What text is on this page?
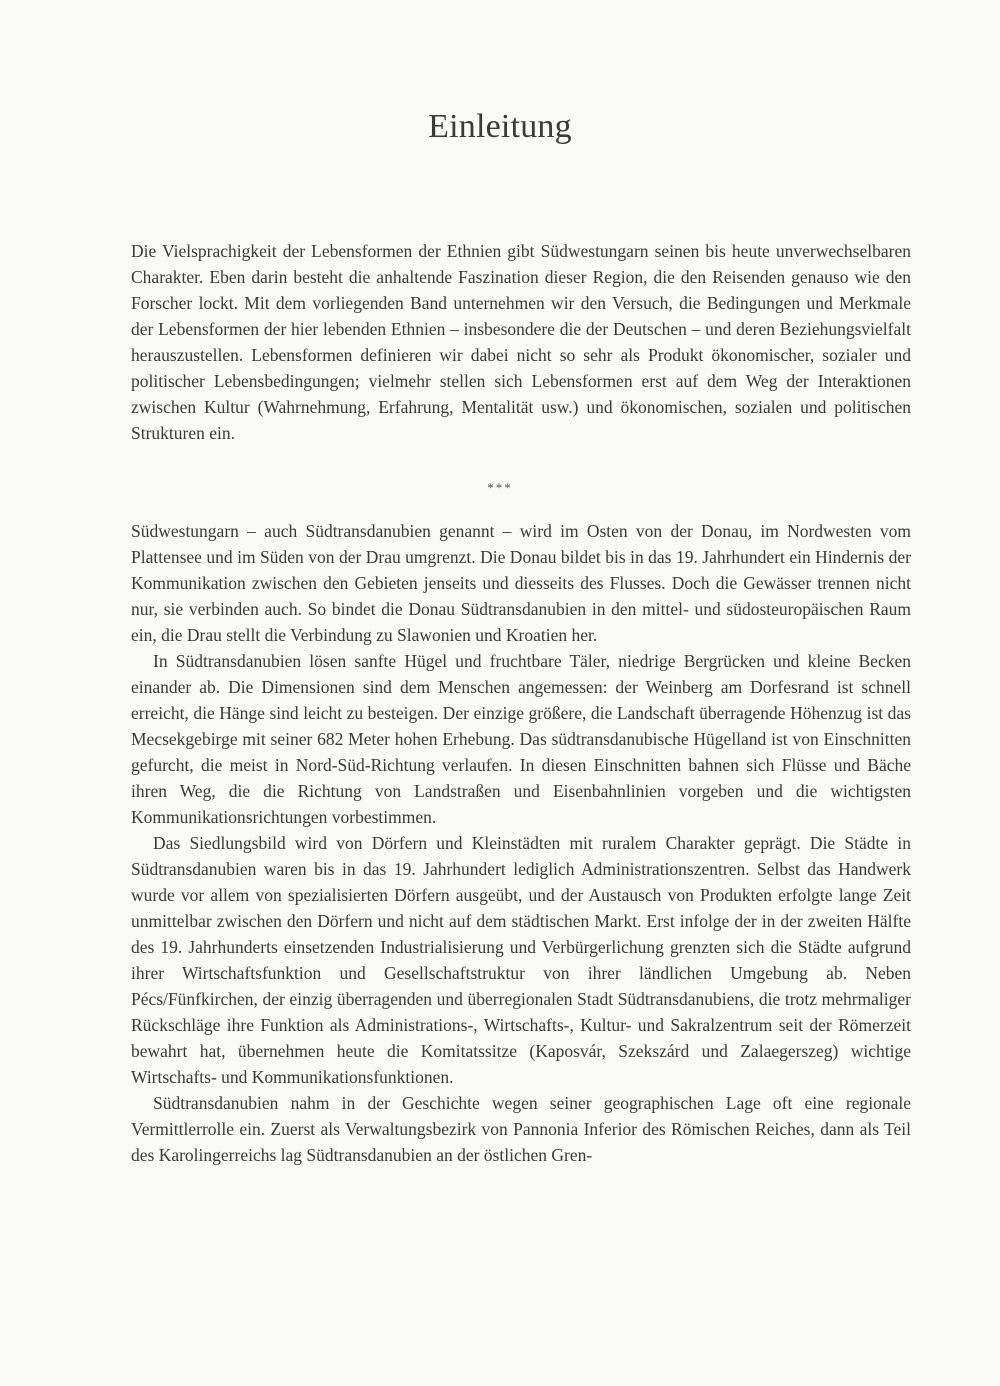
Einleitung

Die Vielsprachigkeit der Lebensformen der Ethnien gibt Südwestungarn seinen bis heute unverwechselbaren Charakter. Eben darin besteht die anhaltende Faszination dieser Region, die den Reisenden genauso wie den Forscher lockt. Mit dem vorliegenden Band unternehmen wir den Versuch, die Bedingungen und Merkmale der Lebensformen der hier lebenden Ethnien – insbesondere die der Deutschen – und deren Beziehungsvielfalt herauszustellen. Lebensformen definieren wir dabei nicht so sehr als Produkt ökonomischer, sozialer und politischer Lebensbedingungen; vielmehr stellen sich Lebensformen erst auf dem Weg der Interaktionen zwischen Kultur (Wahrnehmung, Erfahrung, Mentalität usw.) und ökonomischen, sozialen und politischen Strukturen ein.

***

Südwestungarn – auch Südtransdanubien genannt – wird im Osten von der Donau, im Nordwesten vom Plattensee und im Süden von der Drau umgrenzt. Die Donau bildet bis in das 19. Jahrhundert ein Hindernis der Kommunikation zwischen den Gebieten jenseits und diesseits des Flusses. Doch die Gewässer trennen nicht nur, sie verbinden auch. So bindet die Donau Südtransdanubien in den mittel- und südosteuropäischen Raum ein, die Drau stellt die Verbindung zu Slawonien und Kroatien her.

In Südtransdanubien lösen sanfte Hügel und fruchtbare Täler, niedrige Bergrücken und kleine Becken einander ab. Die Dimensionen sind dem Menschen angemessen: der Weinberg am Dorfesrand ist schnell erreicht, die Hänge sind leicht zu besteigen. Der einzige größere, die Landschaft überragende Höhenzug ist das Mecsekgebirge mit seiner 682 Meter hohen Erhebung. Das südtransdanubische Hügelland ist von Einschnitten gefurcht, die meist in Nord-Süd-Richtung verlaufen. In diesen Einschnitten bahnen sich Flüsse und Bäche ihren Weg, die die Richtung von Landstraßen und Eisenbahnlinien vorgeben und die wichtigsten Kommunikationsrichtungen vorbestimmen.

Das Siedlungsbild wird von Dörfern und Kleinstädten mit ruralem Charakter geprägt. Die Städte in Südtransdanubien waren bis in das 19. Jahrhundert lediglich Administrationszentren. Selbst das Handwerk wurde vor allem von spezialisierten Dörfern ausgeübt, und der Austausch von Produkten erfolgte lange Zeit unmittelbar zwischen den Dörfern und nicht auf dem städtischen Markt. Erst infolge der in der zweiten Hälfte des 19. Jahrhunderts einsetzenden Industrialisierung und Verbürgerlichung grenzten sich die Städte aufgrund ihrer Wirtschaftsfunktion und Gesellschaftstruktur von ihrer ländlichen Umgebung ab. Neben Pécs/Fünfkirchen, der einzig überragenden und überregionalen Stadt Südtransdanubiens, die trotz mehrmaliger Rückschläge ihre Funktion als Administrations-, Wirtschafts-, Kultur- und Sakralzentrum seit der Römerzeit bewahrt hat, übernehmen heute die Komitatssitze (Kaposvár, Szekszárd und Zalaegerszeg) wichtige Wirtschafts- und Kommunikationsfunktionen.

Südtransdanubien nahm in der Geschichte wegen seiner geographischen Lage oft eine regionale Vermittlerrolle ein. Zuerst als Verwaltungsbezirk von Pannonia Inferior des Römischen Reiches, dann als Teil des Karolingerreichs lag Südtransdanubien an der östlichen Gren-
